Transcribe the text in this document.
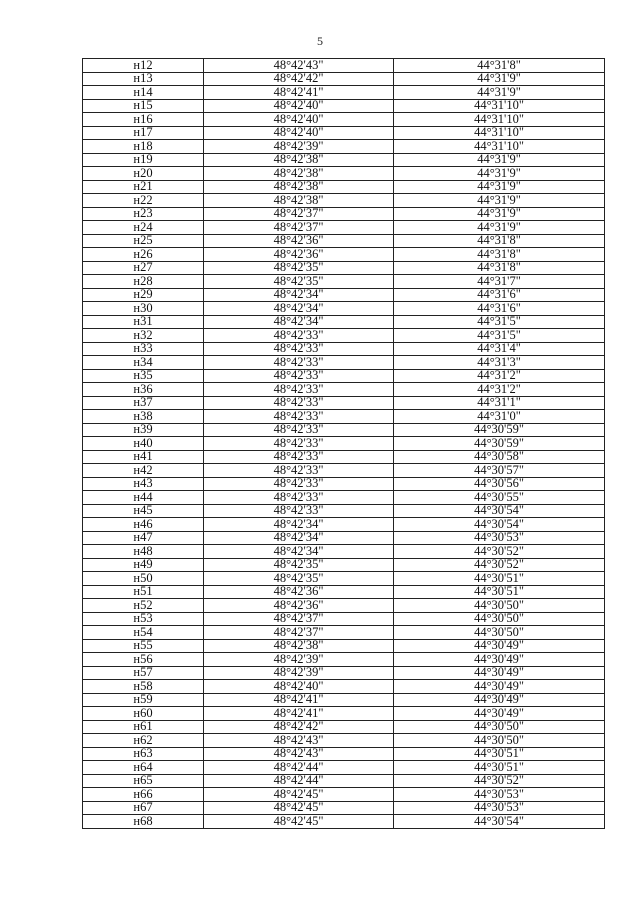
5
н12	48°42'43"	44°31'8"
н13	48°42'42"	44°31'9"
н14	48°42'41"	44°31'9"
н15	48°42'40"	44°31'10"
н16	48°42'40"	44°31'10"
н17	48°42'40"	44°31'10"
н18	48°42'39"	44°31'10"
н19	48°42'38"	44°31'9"
н20	48°42'38"	44°31'9"
н21	48°42'38"	44°31'9"
н22	48°42'38"	44°31'9"
н23	48°42'37"	44°31'9"
н24	48°42'37"	44°31'9"
н25	48°42'36"	44°31'8"
н26	48°42'36"	44°31'8"
н27	48°42'35"	44°31'8"
н28	48°42'35"	44°31'7"
н29	48°42'34"	44°31'6"
н30	48°42'34"	44°31'6"
н31	48°42'34"	44°31'5"
н32	48°42'33"	44°31'5"
н33	48°42'33"	44°31'4"
н34	48°42'33"	44°31'3"
н35	48°42'33"	44°31'2"
н36	48°42'33"	44°31'2"
н37	48°42'33"	44°31'1"
н38	48°42'33"	44°31'0"
н39	48°42'33"	44°30'59"
н40	48°42'33"	44°30'59"
н41	48°42'33"	44°30'58"
н42	48°42'33"	44°30'57"
н43	48°42'33"	44°30'56"
н44	48°42'33"	44°30'55"
н45	48°42'33"	44°30'54"
н46	48°42'34"	44°30'54"
н47	48°42'34"	44°30'53"
н48	48°42'34"	44°30'52"
н49	48°42'35"	44°30'52"
н50	48°42'35"	44°30'51"
н51	48°42'36"	44°30'51"
н52	48°42'36"	44°30'50"
н53	48°42'37"	44°30'50"
н54	48°42'37"	44°30'50"
н55	48°42'38"	44°30'49"
н56	48°42'39"	44°30'49"
н57	48°42'39"	44°30'49"
н58	48°42'40"	44°30'49"
н59	48°42'41"	44°30'49"
н60	48°42'41"	44°30'49"
н61	48°42'42"	44°30'50"
н62	48°42'43"	44°30'50"
н63	48°42'43"	44°30'51"
н64	48°42'44"	44°30'51"
н65	48°42'44"	44°30'52"
н66	48°42'45"	44°30'53"
н67	48°42'45"	44°30'53"
н68	48°42'45"	44°30'54"
